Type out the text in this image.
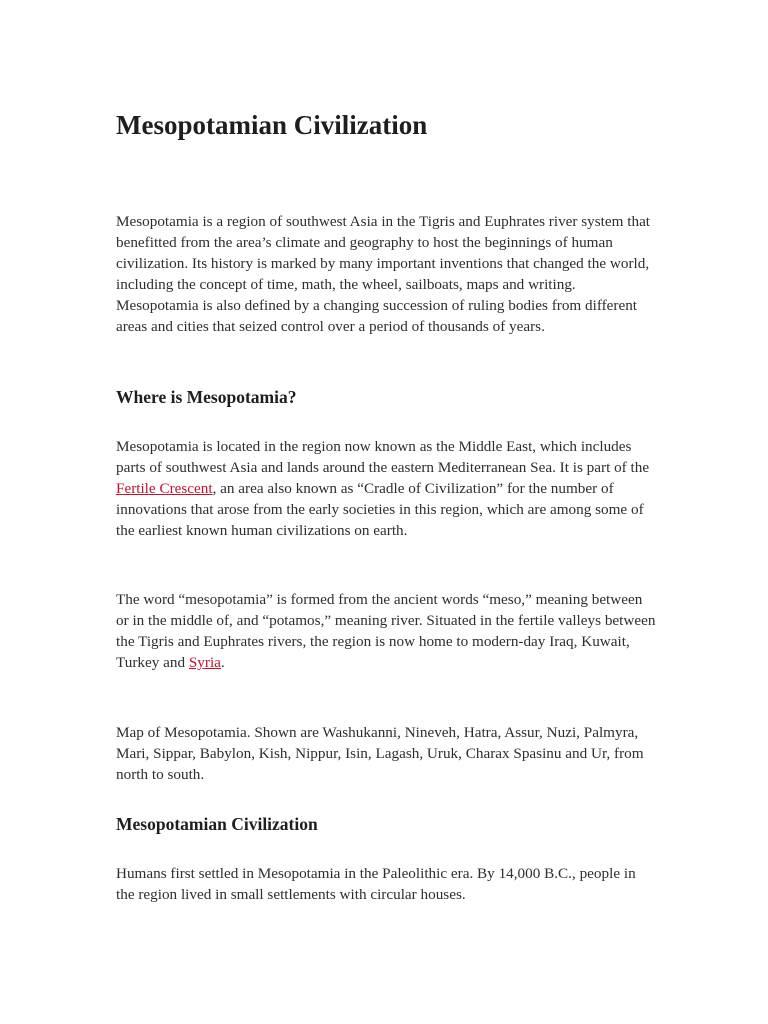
Mesopotamian Civilization

Mesopotamia is a region of southwest Asia in the Tigris and Euphrates river system that benefitted from the area’s climate and geography to host the beginnings of human civilization. Its history is marked by many important inventions that changed the world, including the concept of time, math, the wheel, sailboats, maps and writing. Mesopotamia is also defined by a changing succession of ruling bodies from different areas and cities that seized control over a period of thousands of years.

Where is Mesopotamia?

Mesopotamia is located in the region now known as the Middle East, which includes parts of southwest Asia and lands around the eastern Mediterranean Sea. It is part of the Fertile Crescent, an area also known as “Cradle of Civilization” for the number of innovations that arose from the early societies in this region, which are among some of the earliest known human civilizations on earth.

The word “mesopotamia” is formed from the ancient words “meso,” meaning between or in the middle of, and “potamos,” meaning river. Situated in the fertile valleys between the Tigris and Euphrates rivers, the region is now home to modern-day Iraq, Kuwait, Turkey and Syria.

Map of Mesopotamia. Shown are Washukanni, Nineveh, Hatra, Assur, Nuzi, Palmyra, Mari, Sippar, Babylon, Kish, Nippur, Isin, Lagash, Uruk, Charax Spasinu and Ur, from north to south.

Mesopotamian Civilization

Humans first settled in Mesopotamia in the Paleolithic era. By 14,000 B.C., people in the region lived in small settlements with circular houses.
